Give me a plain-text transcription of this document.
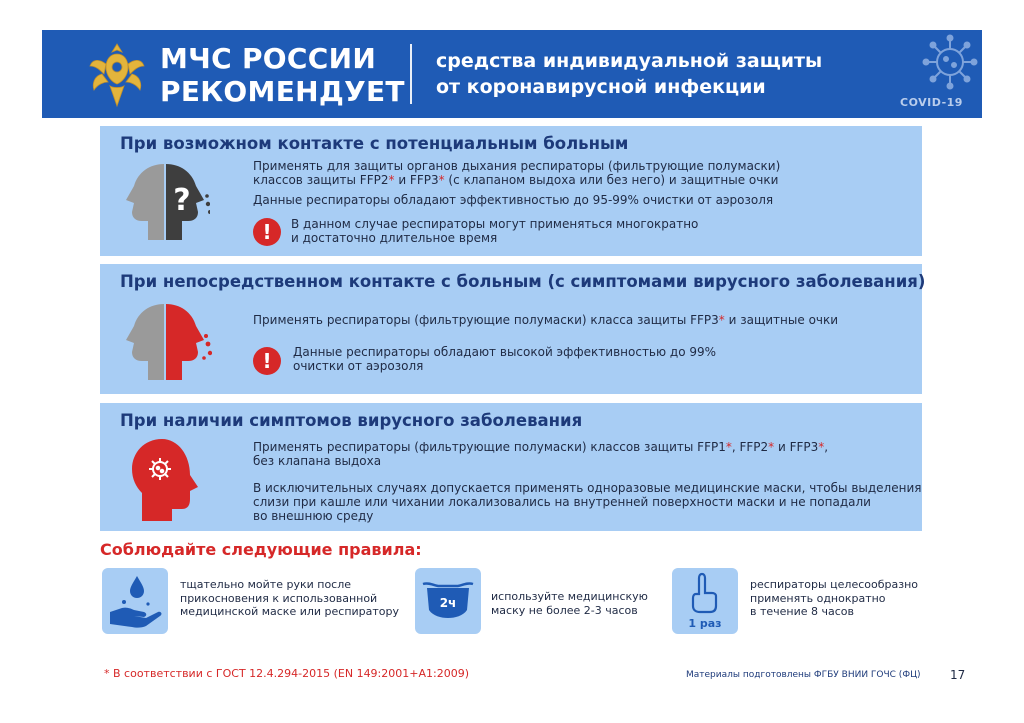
МЧС РОССИИ
РЕКОМЕНДУЕТ
средства индивидуальной защиты
от коронавирусной инфекции
COVID-19
При возможном контакте с потенциальным больным
?
Применять для защиты органов дыхания респираторы (фильтрующие полумаски)
классов защиты FFP2* и FFP3* (с клапаном выдоха или без него) и защитные очки
Данные респираторы обладают эффективностью до 95-99% очистки от аэрозоля
!	В данном случае респираторы могут применяться многократно
и достаточно длительное время
При непосредственном контакте с больным (с симптомами вирусного заболевания)
Применять респираторы (фильтрующие полумаски) класса защиты FFP3* и защитные очки
!	Данные респираторы обладают высокой эффективностью до 99%
очистки от аэрозоля
При наличии симптомов вирусного заболевания
Применять респираторы (фильтрующие полумаски) классов защиты FFP1*, FFP2* и FFP3*,
без клапана выдоха
В исключительных случаях допускается применять одноразовые медицинские маски, чтобы выделения
слизи при кашле или чихании локализовались на внутренней поверхности маски и не попадали
во внешнюю среду
Соблюдайте следующие правила:
тщательно мойте руки после
прикосновения к использованной
медицинской маске или респиратору
2ч	используйте медицинскую
маску не более 2-3 часов
1 раз
респираторы целесообразно
применять однократно
в течение 8 часов
* В соответствии с ГОСТ 12.4.294-2015 (EN 149:2001+А1:2009)	Материалы подготовлены ФГБУ ВНИИ ГОЧС (ФЦ) 17
